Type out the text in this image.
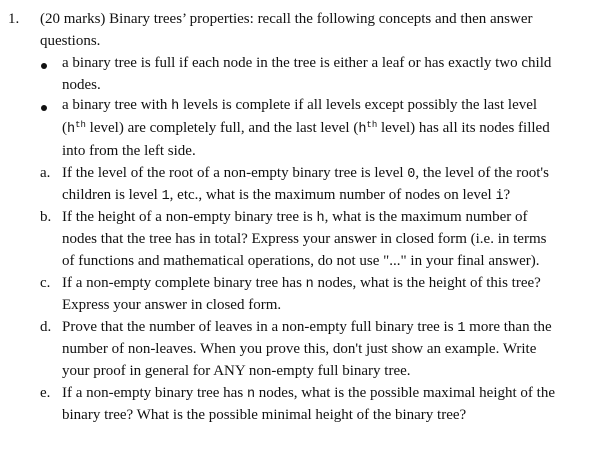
1. (20 marks) Binary trees’ properties: recall the following concepts and then answer
questions.
a binary tree is full if each node in the tree is either a leaf or has exactly two child
nodes.
a binary tree with h levels is complete if all levels except possibly the last level
($h^{th}$ level) are completely full, and the last level ($h^{th}$ level) has all its nodes filled
into from the left side.
a. If the level of the root of a non-empty binary tree is level 0, the level of the root's
children is level 1, etc., what is the maximum number of nodes on level i?
b. If the height of a non-empty binary tree is h, what is the maximum number of
nodes that the tree has in total? Express your answer in closed form (i.e. in terms
of functions and mathematical operations, do not use "..." in your final answer).
c. If a non-empty complete binary tree has n nodes, what is the height of this tree?
Express your answer in closed form.
d. Prove that the number of leaves in a non-empty full binary tree is 1 more than the
number of non-leaves. When you prove this, don't just show an example. Write
your proof in general for ANY non-empty full binary tree.
e. If a non-empty binary tree has n nodes, what is the possible maximal height of the
binary tree? What is the possible minimal height of the binary tree?
